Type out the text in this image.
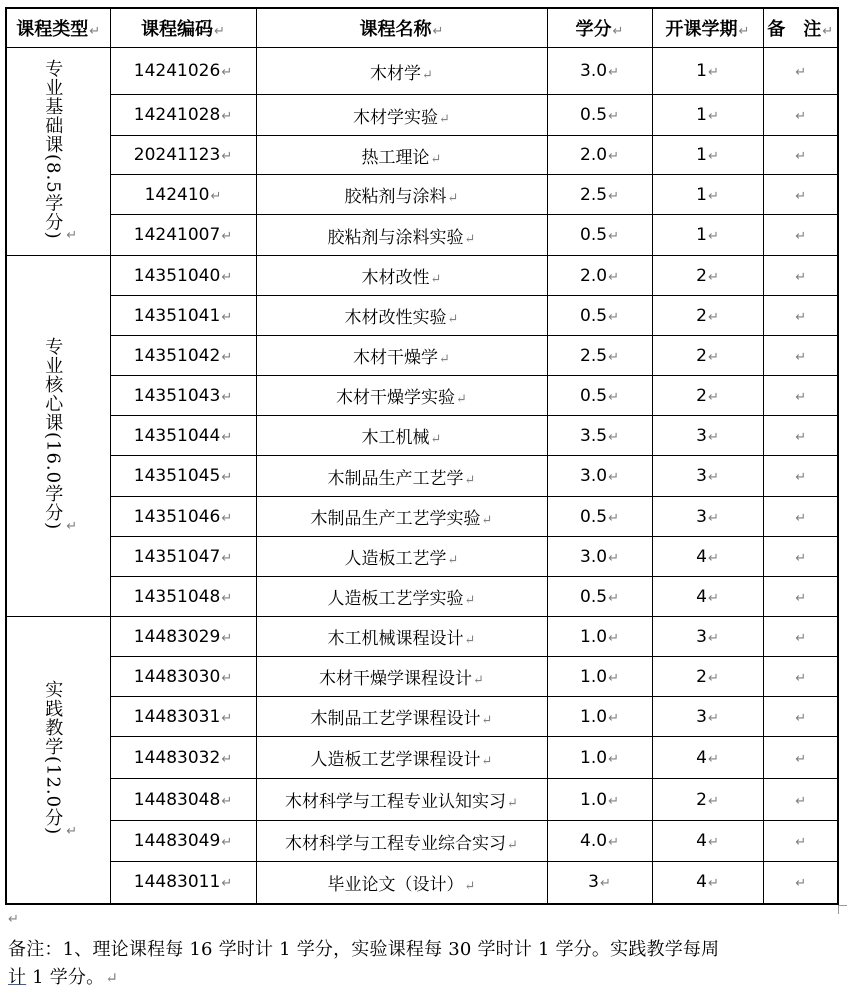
课程类型↵	课程编码↵	课程名称↵	学分↵	开课学期↵	备　注↵
专业基础课(8.5学分) ↵	14241026↵	木材学↵	3.0↵	1↵	↵
	14241028↵	木材学实验↵	0.5↵	1↵	↵
	20241123↵	热工理论↵	2.0↵	1↵	↵
	142410↵	胶粘剂与涂料↵	2.5↵	1↵	↵
	14241007↵	胶粘剂与涂料实验↵	0.5↵	1↵	↵
专业核心课(16.0学分) ↵	14351040↵	木材改性↵	2.0↵	2↵	↵
	14351041↵	木材改性实验↵	0.5↵	2↵	↵
	14351042↵	木材干燥学↵	2.5↵	2↵	↵
	14351043↵	木材干燥学实验↵	0.5↵	2↵	↵
	14351044↵	木工机械↵	3.5↵	3↵	↵
	14351045↵	木制品生产工艺学↵	3.0↵	3↵	↵
	14351046↵	木制品生产工艺学实验↵	0.5↵	3↵	↵
	14351047↵	人造板工艺学↵	3.0↵	4↵	↵
	14351048↵	人造板工艺学实验↵	0.5↵	4↵	↵
实践教学(12.0分) ↵	14483029↵	木工机械课程设计↵	1.0↵	3↵	↵
	14483030↵	木材干燥学课程设计↵	1.0↵	2↵	↵
	14483031↵	木制品工艺学课程设计↵	1.0↵	3↵	↵
	14483032↵	人造板工艺学课程设计↵	1.0↵	4↵	↵
	14483048↵	木材科学与工程专业认知实习↵	1.0↵	2↵	↵
	14483049↵	木材科学与工程专业综合实习↵	4.0↵	4↵	↵
	14483011↵	毕业论文（设计）↵	3↵	4↵	↵
↵
备注：1、理论课程每 16 学时计 1 学分，实验课程每 30 学时计 1 学分。实践教学每周
计 1 学分。↵
